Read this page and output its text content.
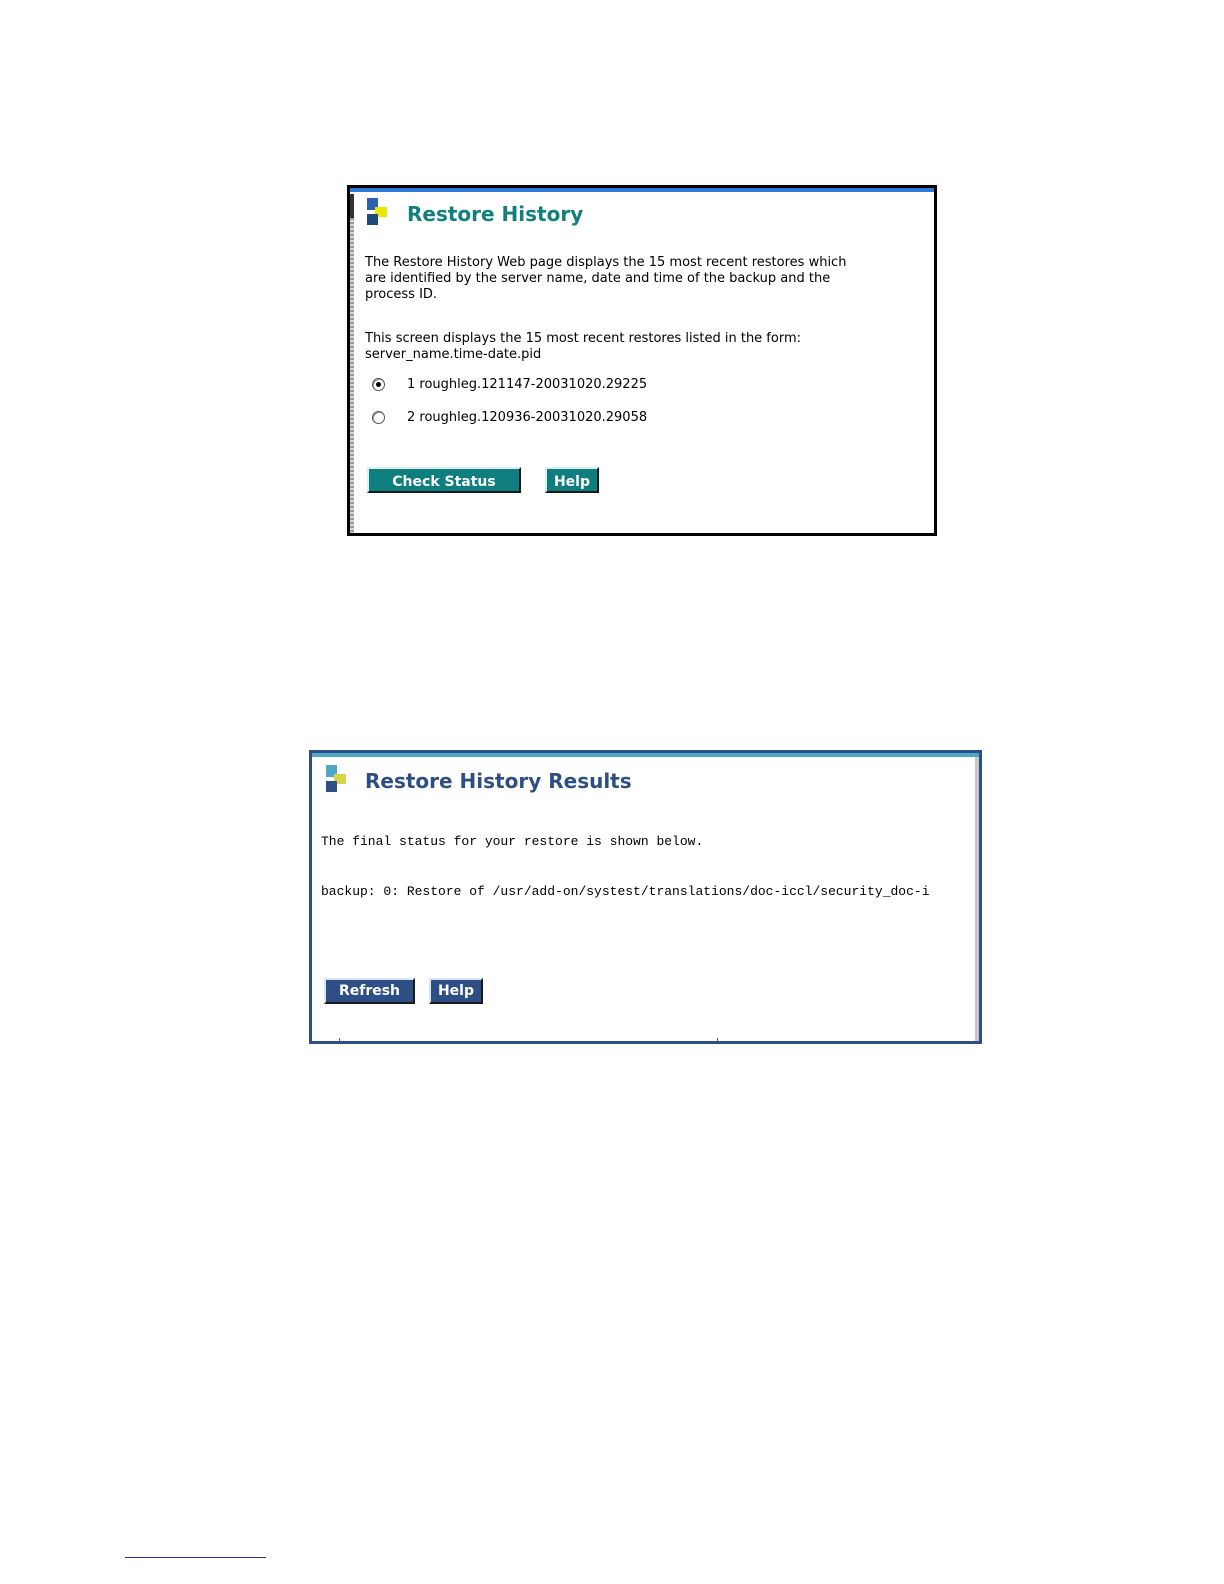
Restore History
The Restore History Web page displays the 15 most recent restores which
are identified by the server name, date and time of the backup and the
process ID.
This screen displays the 15 most recent restores listed in the form:
server_name.time-date.pid
1 roughleg.121147-20031020.29225
2 roughleg.120936-20031020.29058
Check Status	Help
Restore History Results
The final status for your restore is shown below.
backup: 0: Restore of /usr/add-on/systest/translations/doc-iccl/security_doc-i
Refresh	Help
